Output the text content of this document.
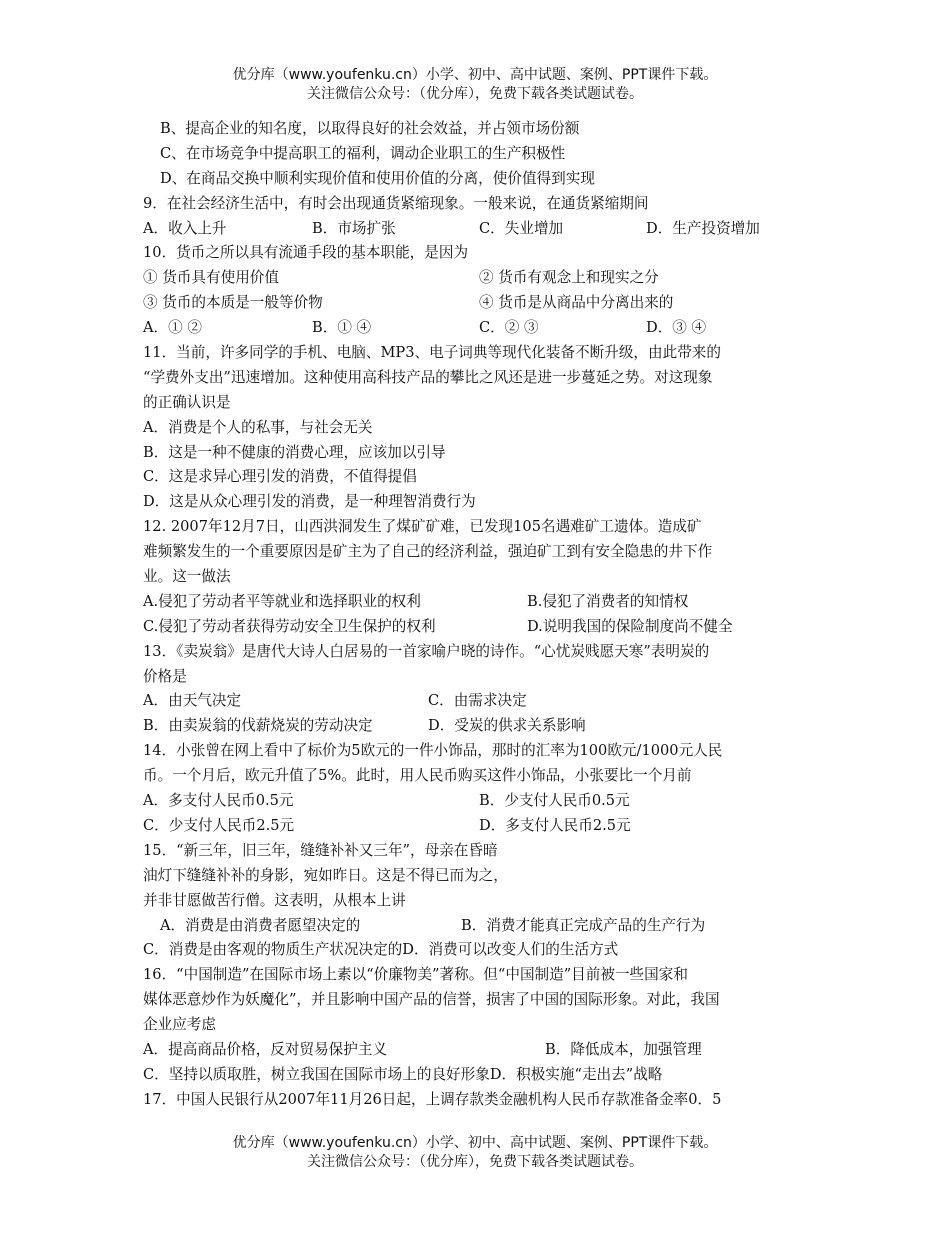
优分库（www.youfenku.cn）小学、初中、高中试题、案例、PPT课件下载。
关注微信公众号：（优分库），免费下载各类试题试卷。
B、提高企业的知名度，以取得良好的社会效益，并占领市场份额
C、在市场竞争中提高职工的福利，调动企业职工的生产积极性
D、在商品交换中顺利实现价值和使用价值的分离，使价值得到实现
9．在社会经济生活中，有时会出现通货紧缩现象。一般来说，在通货紧缩期间
A．收入上升	B．市场扩张	C．失业增加	D．生产投资增加
10．货币之所以具有流通手段的基本职能，是因为
① 货币具有使用价值	② 货币有观念上和现实之分
③ 货币的本质是一般等价物	④ 货币是从商品中分离出来的
A．① ②	B．① ④	C．② ③	D．③ ④
11．当前，许多同学的手机、电脑、MP3、电子词典等现代化装备不断升级，由此带来的
“学费外支出”迅速增加。这种使用高科技产品的攀比之风还是进一步蔓延之势。对这现象
的正确认识是
A．消费是个人的私事，与社会无关
B．这是一种不健康的消费心理，应该加以引导
C．这是求异心理引发的消费，不值得提倡
D．这是从众心理引发的消费，是一种理智消费行为
12. 2007年12月7日，山西洪洞发生了煤矿矿难，已发现105名遇难矿工遗体。造成矿
难频繁发生的一个重要原因是矿主为了自己的经济利益，强迫矿工到有安全隐患的井下作
业。这一做法
A.侵犯了劳动者平等就业和选择职业的权利	B.侵犯了消费者的知情权
C.侵犯了劳动者获得劳动安全卫生保护的权利	D.说明我国的保险制度尚不健全
13．《卖炭翁》是唐代大诗人白居易的一首家喻户晓的诗作。“心忧炭贱愿天寒”表明炭的
价格是
A．由天气决定	C．由需求决定
B．由卖炭翁的伐薪烧炭的劳动决定	D．受炭的供求关系影响
14．小张曾在网上看中了标价为5欧元的一件小饰品，那时的汇率为100欧元/1000元人民
币。一个月后，欧元升值了5%。此时，用人民币购买这件小饰品，小张要比一个月前
A．多支付人民币0.5元	B．少支付人民币0.5元
C．少支付人民币2.5元	D．多支付人民币2.5元
15．“新三年，旧三年，缝缝补补又三年”，母亲在昏暗
油灯下缝缝补补的身影，宛如昨日。这是不得已而为之，
并非甘愿做苦行僧。这表明，从根本上讲
A．消费是由消费者愿望决定的	B．消费才能真正完成产品的生产行为
C．消费是由客观的物质生产状况决定的D．消费可以改变人们的生活方式
16．“中国制造”在国际市场上素以“价廉物美”著称。但“中国制造”目前被一些国家和
媒体恶意炒作为妖魔化”，并且影响中国产品的信誉，损害了中国的国际形象。对此，我国
企业应考虑
A．提高商品价格，反对贸易保护主义	B．降低成本，加强管理
C．坚持以质取胜，树立我国在国际市场上的良好形象D．积极实施“走出去”战略
17．中国人民银行从2007年11月26日起，上调存款类金融机构人民币存款准备金率0．5
优分库（www.youfenku.cn）小学、初中、高中试题、案例、PPT课件下载。
关注微信公众号：（优分库），免费下载各类试题试卷。
